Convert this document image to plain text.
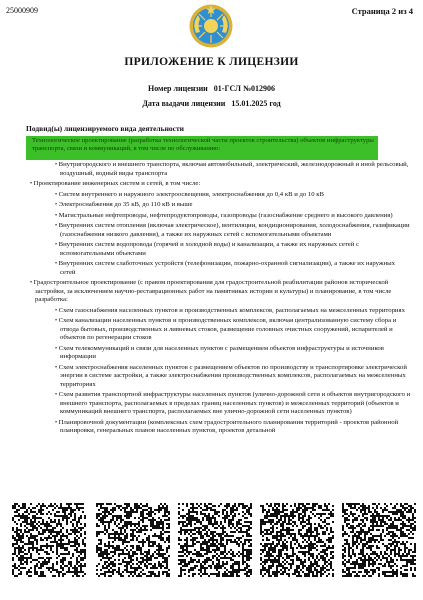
25000909	Страница 2 из 4
ПРИЛОЖЕНИЕ К ЛИЦЕНЗИИ
Номер лицензии 01-ГСЛ №012906
Дата выдачи лицензии 15.01.2025 год
Подвид(ы) лицензируемого вида деятельности
Технологическое проектирование (разработка технологической части проектов строительства) объектов инфраструктуры транспорта, связи и коммуникаций, в том числе по обслуживанию:
• Внутригородского и внешнего транспорта, включая автомобильный, электрический, железнодорожный и иной рельсовый, воздушный, водный виды транспорта
• Проектирование инженерных систем и сетей, в том числе:
• Систем внутреннего и наружного электроосвещения, электроснабжения до 0,4 кВ и до 10 кВ
• Электроснабжения до 35 кВ, до 110 кВ и выше
• Магистральные нефтепроводы, нефтепродуктопроводы, газопроводы (газоснабжение среднего и высокого давления)
• Внутренних систем отопления (включая электрическое), вентиляции, кондиционирования, холодоснабжения, газификации (газоснабжения низкого давления), а также их наружных сетей с вспомогательными объектами
• Внутренних систем водопровода (горячей и холодной воды) и канализации, а также их наружных сетей с вспомогательными объектами
• Внутренних систем слаботочных устройств (телефонизации, пожарно-охранной сигнализации), а также их наружных сетей
• Градостроительное проектирование (с правом проектирования для градостроительной реабилитации районов исторической застройки, за исключением научно-реставрационных работ на памятниках истории и культуры) и планирование, в том числе разработка:
• Схем газоснабжения населенных пунктов и производственных комплексов, располагаемых на межселенных территориях
• Схем канализации населенных пунктов и производственных комплексов, включая централизованную систему сбора и отвода бытовых, производственных и ливневых стоков, размещение головных очистных сооружений, испарителей и объектов по регенерации стоков
• Схем телекоммуникаций и связи для населенных пунктов с размещением объектов инфраструктуры и источников информации
• Схем электроснабжения населенных пунктов с размещением объектов по производству и транспортировке электрической энергии в системе застройки, а также электроснабжения производственных комплексов, располагаемых на межселенных территориях
• Схем развития транспортной инфраструктуры населенных пунктов (улично-дорожной сети и объектов внутригородского и внешнего транспорта, располагаемых в пределах границ населенных пунктов) и межселенных территорий (объектов и коммуникаций внешнего транспорта, располагаемых вне улично-дорожной сети населенных пунктов)
• Планировочной документации (комплексных схем градостроительного планирования территорий - проектов районной планировки, генеральных планов населенных пунктов, проектов детальной
